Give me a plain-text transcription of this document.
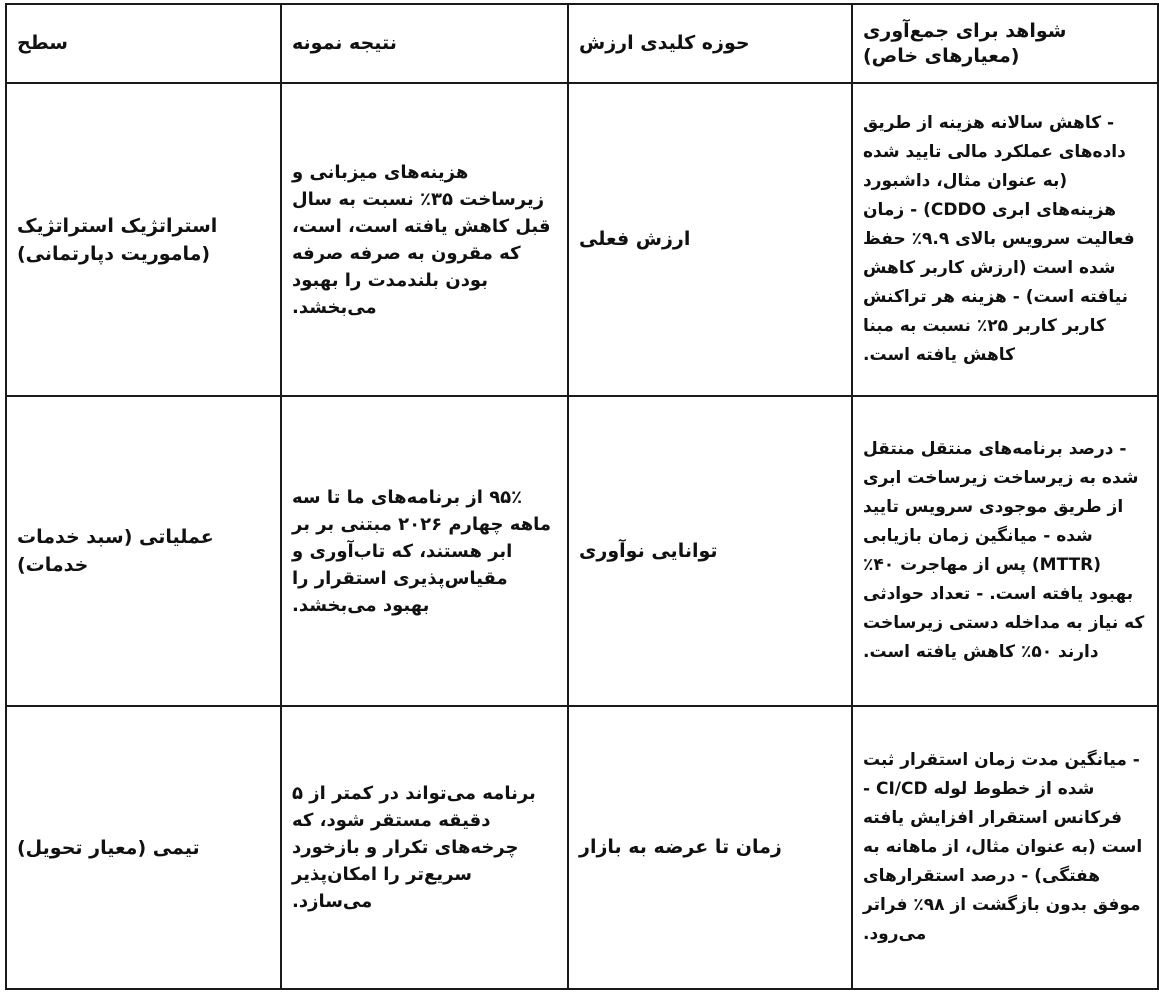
سطح	نتیجه نمونه	حوزه کلیدی ارزش	شواهد برای جمع‌آوری (معیارهای خاص)

استراتژیک استراتژیک (ماموریت دپارتمانی)	هزینه‌های میزبانی و زیرساخت ۳۵٪ نسبت به سال قبل کاهش یافته است، است، که مقرون به صرفه صرفه بودن بلندمدت را بهبود می‌بخشد.	ارزش فعلی	- کاهش سالانه هزینه از طریق داده‌های عملکرد مالی تایید شده (به عنوان مثال، داشبورد هزینه‌های ابری CDDO) - زمان فعالیت سرویس بالای ۹.۹٪ حفظ شده است (ارزش کاربر کاهش نیافته است) - هزینه هر تراکنش کاربر کاربر ۲۵٪ نسبت به مبنا کاهش یافته است.

عملیاتی (سبد خدمات خدمات)	۹۵٪ از برنامه‌های ما تا سه ماهه چهارم ۲۰۲۶ مبتنی بر بر ابر هستند، که تاب‌آوری و مقیاس‌پذیری استقرار را بهبود می‌بخشد.	توانایی نوآوری	- درصد برنامه‌های منتقل منتقل شده به زیرساخت زیرساخت ابری از طریق موجودی سرویس تایید شده - میانگین زمان بازیابی (MTTR) پس از مهاجرت ۴۰٪ بهبود یافته است. - تعداد حوادثی که نیاز به مداخله دستی زیرساخت دارند ۵۰٪ کاهش یافته است.

تیمی (معیار تحویل)	برنامه می‌تواند در کمتر از ۵ دقیقه مستقر شود، که چرخه‌های تکرار و بازخورد سریع‌تر را امکان‌پذیر می‌سازد.	زمان تا عرضه به بازار	- میانگین مدت زمان استقرار ثبت شده از خطوط لوله CI/CD - فرکانس استقرار افزایش یافته است (به عنوان مثال، از ماهانه به هفتگی) - درصد استقرارهای موفق بدون بازگشت از ۹۸٪ فراتر می‌رود.
